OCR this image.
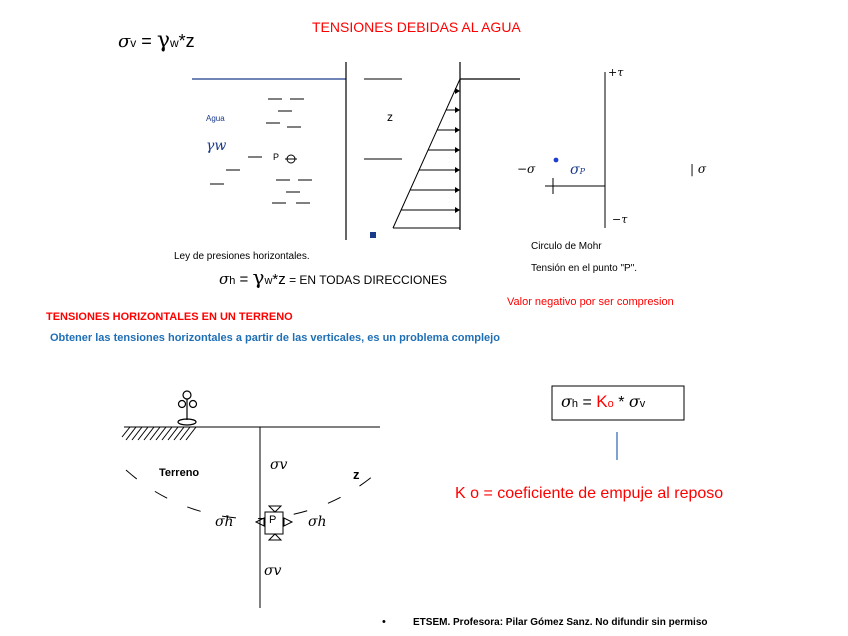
TENSIONES DEBIDAS AL AGUA
σv = γw*z
Agua
γw
P
z
Ley de presiones horizontales.
σh = γw*z = EN TODAS DIRECCIONES
+τ
−τ
−σ	| σ
σP
Circulo de Mohr
Tensión en el punto "P".
Valor negativo por ser compresion
TENSIONES HORIZONTALES EN UN TERRENO
Obtener las tensiones horizontales a partir de las verticales, es un problema complejo
Terreno	z
σv
σv
σh	σh
P
σh = Ko * σv
K o = coeficiente de empuje al reposo
•	ETSEM. Profesora: Pilar Gómez Sanz. No difundir sin permiso
